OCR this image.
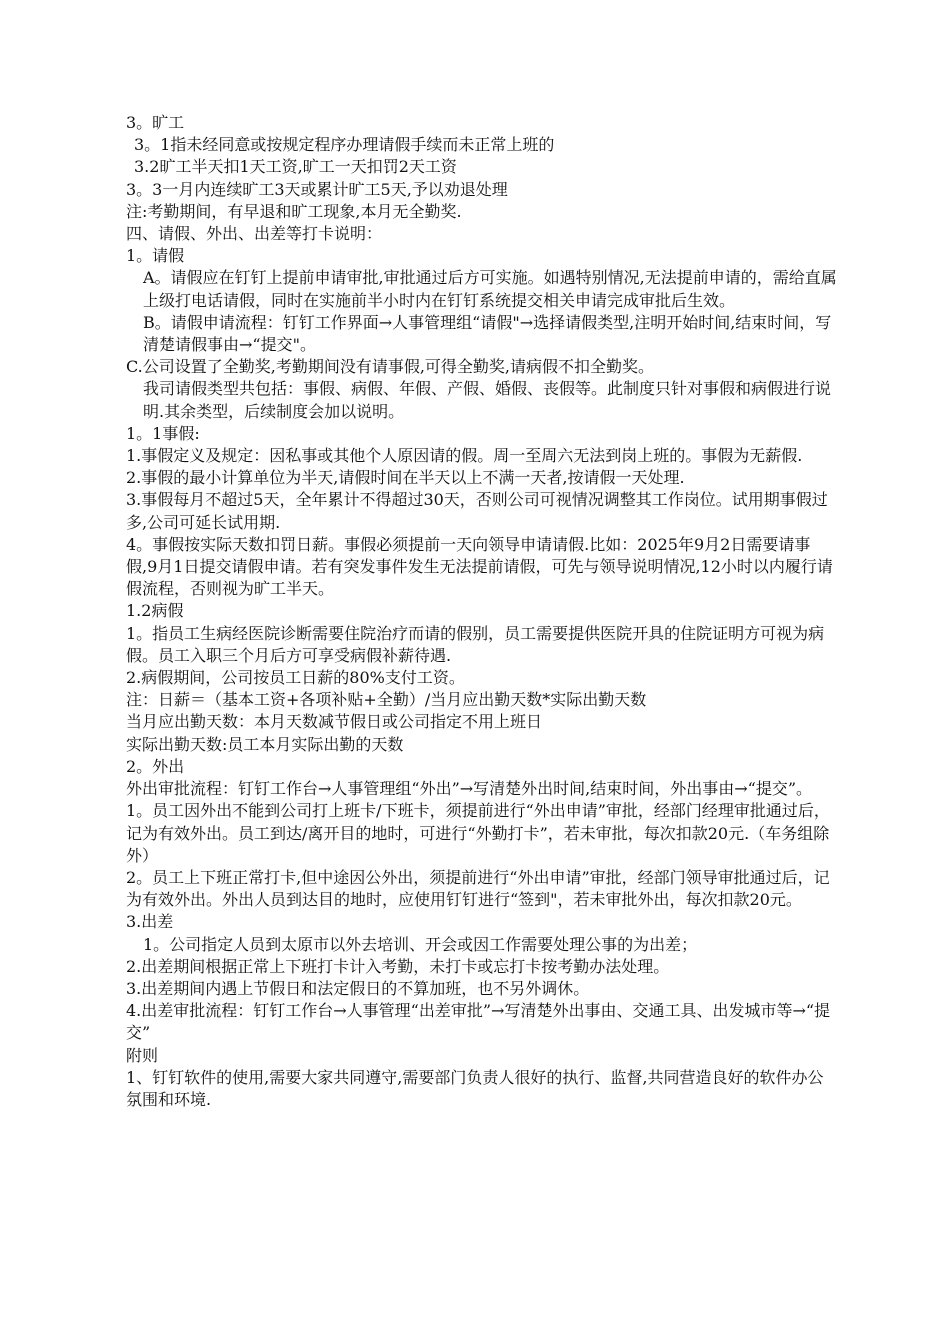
3。旷工

3。1指未经同意或按规定程序办理请假手续而未正常上班的

3.2旷工半天扣1天工资,旷工一天扣罚2天工资

3。3一月内连续旷工3天或累计旷工5天,予以劝退处理

注:考勤期间，有早退和旷工现象,本月无全勤奖.

四、请假、外出、出差等打卡说明：

1。请假

A。请假应在钉钉上提前申请审批,审批通过后方可实施。如遇特别情况,无法提前申请的，需给直属上级打电话请假，同时在实施前半小时内在钉钉系统提交相关申请完成审批后生效。

B。请假申请流程：钉钉工作界面→人事管理组“请假"→选择请假类型,注明开始时间,结束时间，写清楚请假事由→“提交"。

C.公司设置了全勤奖,考勤期间没有请事假,可得全勤奖,请病假不扣全勤奖。

我司请假类型共包括：事假、病假、年假、产假、婚假、丧假等。此制度只针对事假和病假进行说明.其余类型，后续制度会加以说明。

1。1事假:

1.事假定义及规定：因私事或其他个人原因请的假。周一至周六无法到岗上班的。事假为无薪假.

2.事假的最小计算单位为半天,请假时间在半天以上不满一天者,按请假一天处理.

3.事假每月不超过5天，全年累计不得超过30天，否则公司可视情况调整其工作岗位。试用期事假过多,公司可延长试用期.

4。事假按实际天数扣罚日薪。事假必须提前一天向领导申请请假.比如：2025年9月2日需要请事假,9月1日提交请假申请。若有突发事件发生无法提前请假，可先与领导说明情况,12小时以内履行请假流程，否则视为旷工半天。

1.2病假

1。指员工生病经医院诊断需要住院治疗而请的假别，员工需要提供医院开具的住院证明方可视为病假。员工入职三个月后方可享受病假补薪待遇.

2.病假期间，公司按员工日薪的80%支付工资。

注：日薪＝（基本工资+各项补贴+全勤）/当月应出勤天数*实际出勤天数

当月应出勤天数：本月天数减节假日或公司指定不用上班日

实际出勤天数:员工本月实际出勤的天数

2。外出

外出审批流程：钉钉工作台→人事管理组“外出”→写清楚外出时间,结束时间，外出事由→“提交”。

1。员工因外出不能到公司打上班卡/下班卡，须提前进行“外出申请”审批，经部门经理审批通过后，记为有效外出。员工到达/离开目的地时，可进行“外勤打卡”，若未审批，每次扣款20元.（车务组除外）

2。员工上下班正常打卡,但中途因公外出，须提前进行“外出申请”审批，经部门领导审批通过后，记为有效外出。外出人员到达目的地时，应使用钉钉进行“签到"，若未审批外出，每次扣款20元。

3.出差

1。公司指定人员到太原市以外去培训、开会或因工作需要处理公事的为出差；

2.出差期间根据正常上下班打卡计入考勤，未打卡或忘打卡按考勤办法处理。

3.出差期间内遇上节假日和法定假日的不算加班，也不另外调休。

4.出差审批流程：钉钉工作台→人事管理“出差审批”→写清楚外出事由、交通工具、出发城市等→“提交”

附则

1、钉钉软件的使用,需要大家共同遵守,需要部门负责人很好的执行、监督,共同营造良好的软件办公氛围和环境.
